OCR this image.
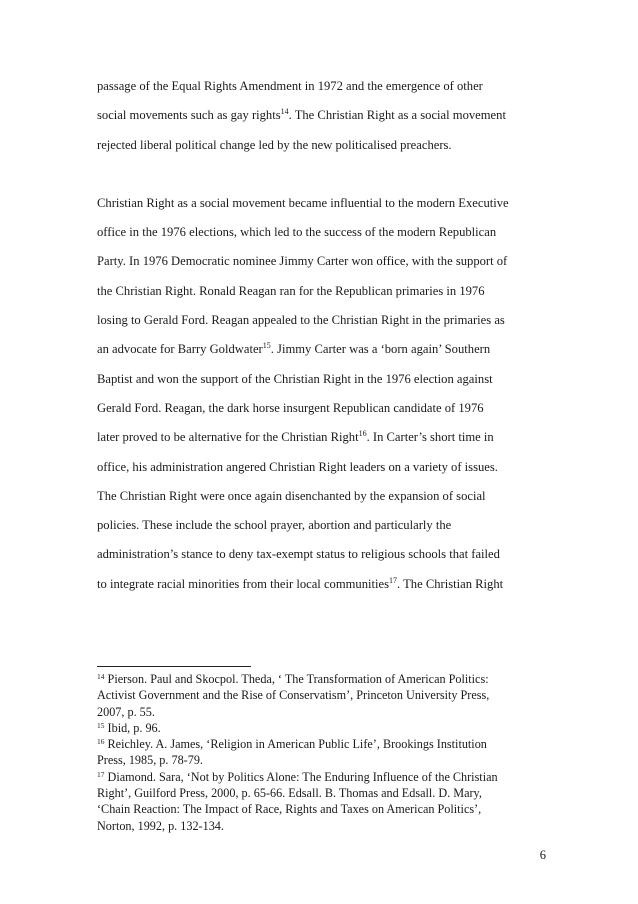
passage of the Equal Rights Amendment in 1972 and the emergence of other
social movements such as gay rights$^{14}$. The Christian Right as a social movement
rejected liberal political change led by the new politicalised preachers.
Christian Right as a social movement became influential to the modern Executive
office in the 1976 elections, which led to the success of the modern Republican
Party. In 1976 Democratic nominee Jimmy Carter won office, with the support of
the Christian Right. Ronald Reagan ran for the Republican primaries in 1976
losing to Gerald Ford. Reagan appealed to the Christian Right in the primaries as
an advocate for Barry Goldwater$^{15}$. Jimmy Carter was a ‘born again’ Southern
Baptist and won the support of the Christian Right in the 1976 election against
Gerald Ford. Reagan, the dark horse insurgent Republican candidate of 1976
later proved to be alternative for the Christian Right$^{16}$. In Carter’s short time in
office, his administration angered Christian Right leaders on a variety of issues.
The Christian Right were once again disenchanted by the expansion of social
policies. These include the school prayer, abortion and particularly the
administration’s stance to deny tax-exempt status to religious schools that failed
to integrate racial minorities from their local communities$^{17}$. The Christian Right
$^{14}$ Pierson. Paul and Skocpol. Theda, ‘ The Transformation of American Politics:
Activist Government and the Rise of Conservatism’, Princeton University Press,
2007, p. 55.
$^{15}$ Ibid, p. 96.
$^{16}$ Reichley. A. James, ‘Religion in American Public Life’, Brookings Institution
Press, 1985, p. 78-79.
$^{17}$ Diamond. Sara, ‘Not by Politics Alone: The Enduring Influence of the Christian
Right’, Guilford Press, 2000, p. 65-66. Edsall. B. Thomas and Edsall. D. Mary,
‘Chain Reaction: The Impact of Race, Rights and Taxes on American Politics’,
Norton, 1992, p. 132-134.
6
